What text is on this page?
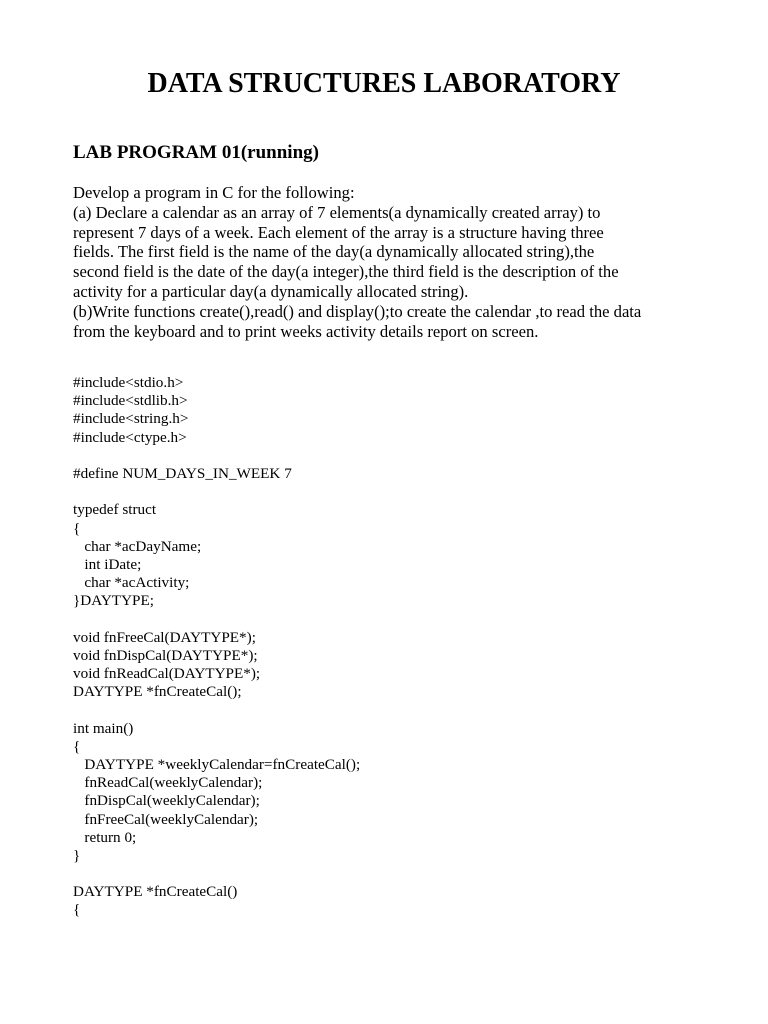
DATA STRUCTURES LABORATORY
LAB PROGRAM 01(running)
Develop a program in C for the following:
(a) Declare a calendar as an array of 7 elements(a dynamically created array) to
represent 7 days of a week. Each element of the array is a structure having three
fields. The first field is the name of the day(a dynamically allocated string),the
second field is the date of the day(a integer),the third field is the description of the
activity for a particular day(a dynamically allocated string).
(b)Write functions create(),read() and display();to create the calendar ,to read the data
from the keyboard and to print weeks activity details report on screen.
#include<stdio.h>
#include<stdlib.h>
#include<string.h>
#include<ctype.h>
#define NUM_DAYS_IN_WEEK 7
typedef struct
{
char *acDayName;
int iDate;
char *acActivity;
}DAYTYPE;
void fnFreeCal(DAYTYPE*);
void fnDispCal(DAYTYPE*);
void fnReadCal(DAYTYPE*);
DAYTYPE *fnCreateCal();
int main()
{
DAYTYPE *weeklyCalendar=fnCreateCal();
fnReadCal(weeklyCalendar);
fnDispCal(weeklyCalendar);
fnFreeCal(weeklyCalendar);
return 0;
}
DAYTYPE *fnCreateCal()
{
